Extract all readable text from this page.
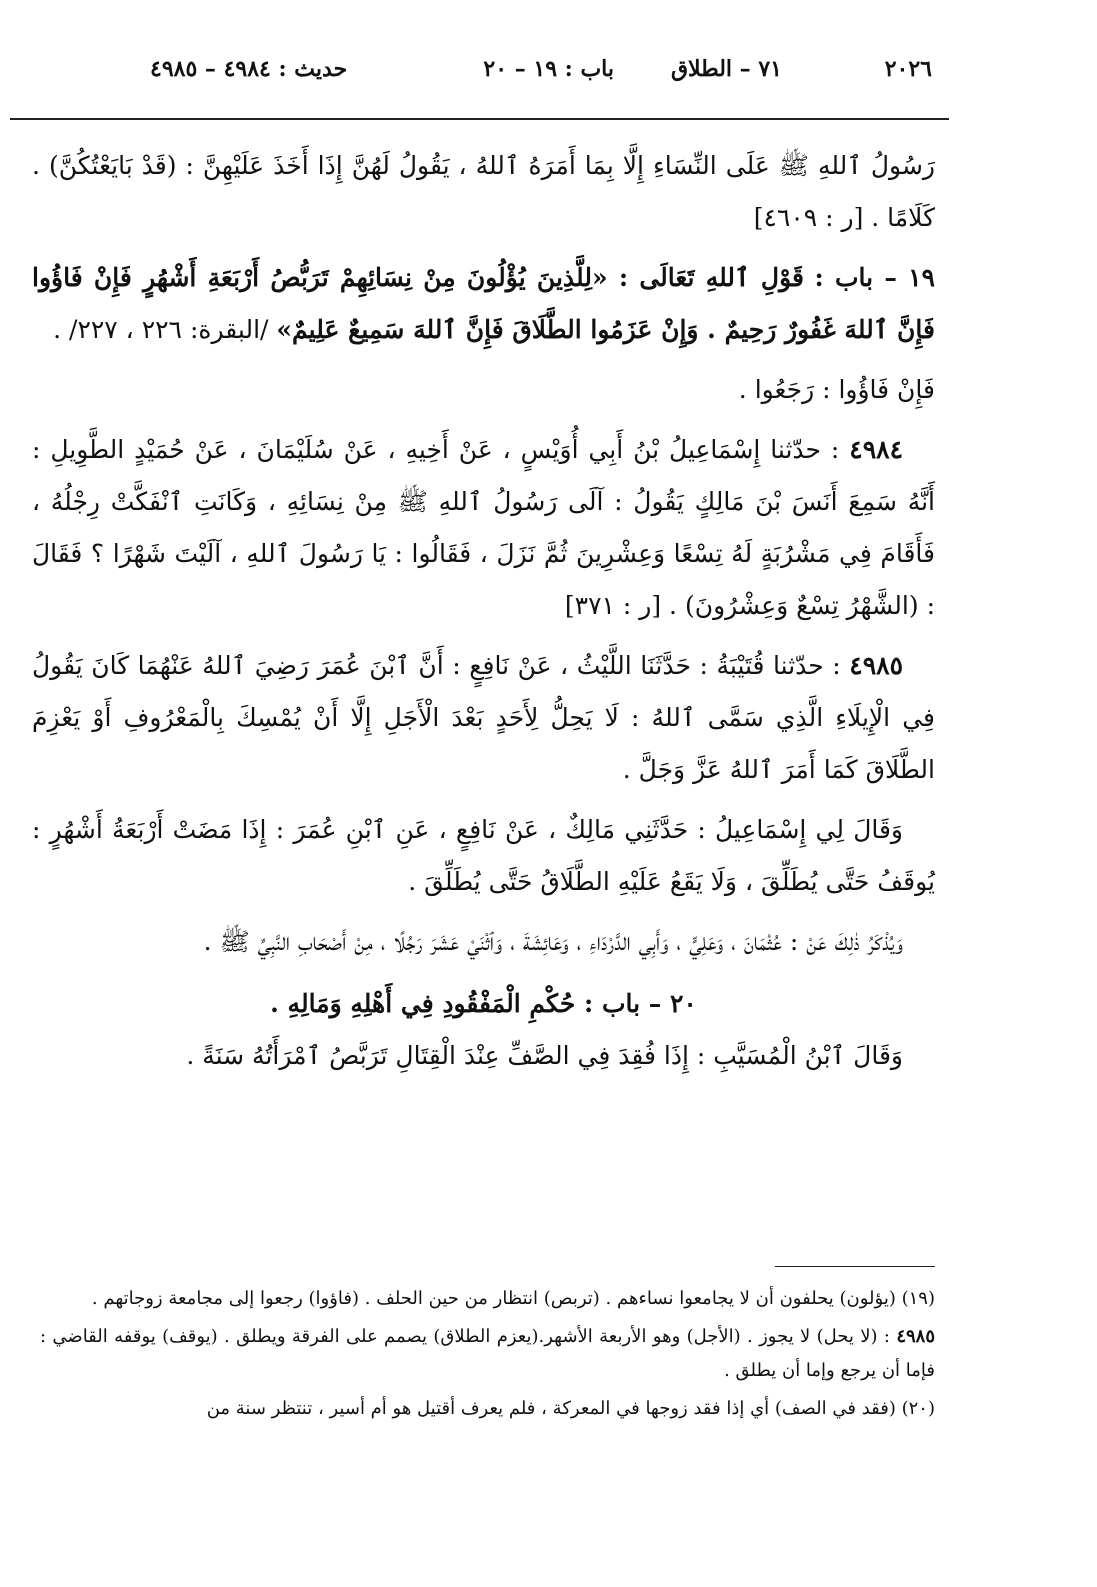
٢٠٢٦
٧١ – الطلاق
باب : ١٩ – ٢٠
حديث : ٤٩٨٤ – ٤٩٨٥

رَسُولُ ٱللهِ ﷺ عَلَى النِّسَاءِ إِلَّا بِمَا أَمَرَهُ ٱللهُ ، يَقُولُ لَهُنَّ إِذَا أَخَذَ عَلَيْهِنَّ : (قَدْ بَايَعْتُكُنَّ) . كَلَامًا . [ر : ٤٦٠٩]

١٩ – باب : قَوْلِ ٱللهِ تَعَالَى : «لِلَّذِينَ يُؤْلُونَ مِنْ نِسَائِهِمْ تَرَبُّصُ أَرْبَعَةِ أَشْهُرٍ فَإِنْ فَاؤُوا فَإِنَّ ٱللهَ غَفُورٌ رَحِيمٌ . وَإِنْ عَزَمُوا الطَّلَاقَ فَإِنَّ ٱللهَ سَمِيعٌ عَلِيمٌ» /البقرة: ٢٢٦ ، ٢٢٧/ .

فَإِنْ فَاؤُوا : رَجَعُوا .

٤٩٨٤ : حدّثنا إِسْمَاعِيلُ بْنُ أَبِي أُوَيْسٍ ، عَنْ أَخِيهِ ، عَنْ سُلَيْمَانَ ، عَنْ حُمَيْدٍ الطَّوِيلِ : أَنَّهُ سَمِعَ أَنَسَ بْنَ مَالِكٍ يَقُولُ : آلَى رَسُولُ ٱللهِ ﷺ مِنْ نِسَائِهِ ، وَكَانَتِ ٱنْفَكَّتْ رِجْلُهُ ، فَأَقَامَ فِي مَشْرُبَةٍ لَهُ تِسْعًا وَعِشْرِينَ ثُمَّ نَزَلَ ، فَقَالُوا : يَا رَسُولَ ٱللهِ ، آلَيْتَ شَهْرًا ؟ فَقَالَ : (الشَّهْرُ تِسْعٌ وَعِشْرُونَ) . [ر : ٣٧١]

٤٩٨٥ : حدّثنا قُتَيْبَةُ : حَدَّثَنَا اللَّيْثُ ، عَنْ نَافِعٍ : أَنَّ ٱبْنَ عُمَرَ رَضِيَ ٱللهُ عَنْهُمَا كَانَ يَقُولُ فِي الْإِيلَاءِ الَّذِي سَمَّى ٱللهُ : لَا يَحِلُّ لِأَحَدٍ بَعْدَ الْأَجَلِ إِلَّا أَنْ يُمْسِكَ بِالْمَعْرُوفِ أَوْ يَعْزِمَ الطَّلَاقَ كَمَا أَمَرَ ٱللهُ عَزَّ وَجَلَّ .

وَقَالَ لِي إِسْمَاعِيلُ : حَدَّثَنِي مَالِكٌ ، عَنْ نَافِعٍ ، عَنِ ٱبْنِ عُمَرَ : إِذَا مَضَتْ أَرْبَعَةُ أَشْهُرٍ : يُوقَفُ حَتَّى يُطَلِّقَ ، وَلَا يَقَعُ عَلَيْهِ الطَّلَاقُ حَتَّى يُطَلِّقَ .

وَيُذْكَرُ ذٰلِكَ عَنْ : عُثْمَانَ ، وَعَلِيٍّ ، وَأَبِي الدَّرْدَاءِ ، وَعَائِشَةَ ، وَٱثْنَيْ عَشَرَ رَجُلًا ، مِنْ أَصْحَابِ النَّبِيِّ ﷺ .

٢٠ – باب : حُكْمِ الْمَفْقُودِ فِي أَهْلِهِ وَمَالِهِ .

وَقَالَ ٱبْنُ الْمُسَيَّبِ : إِذَا فُقِدَ فِي الصَّفِّ عِنْدَ الْقِتَالِ تَرَبَّصُ ٱمْرَأَتُهُ سَنَةً .

(١٩) (يؤلون) يحلفون أن لا يجامعوا نساءهم . (تربص) انتظار من حين الحلف . (فاؤوا) رجعوا إلى مجامعة زوجاتهم .

٤٩٨٥ : (لا يحل) لا يجوز . (الأجل) وهو الأربعة الأشهر.(يعزم الطلاق) يصمم على الفرقة ويطلق . (يوقف) يوقفه القاضي : فإما أن يرجع وإما أن يطلق .

(٢٠) (فقد في الصف) أي إذا فقد زوجها في المعركة ، فلم يعرف أقتيل هو أم أسير ، تنتظر سنة من
